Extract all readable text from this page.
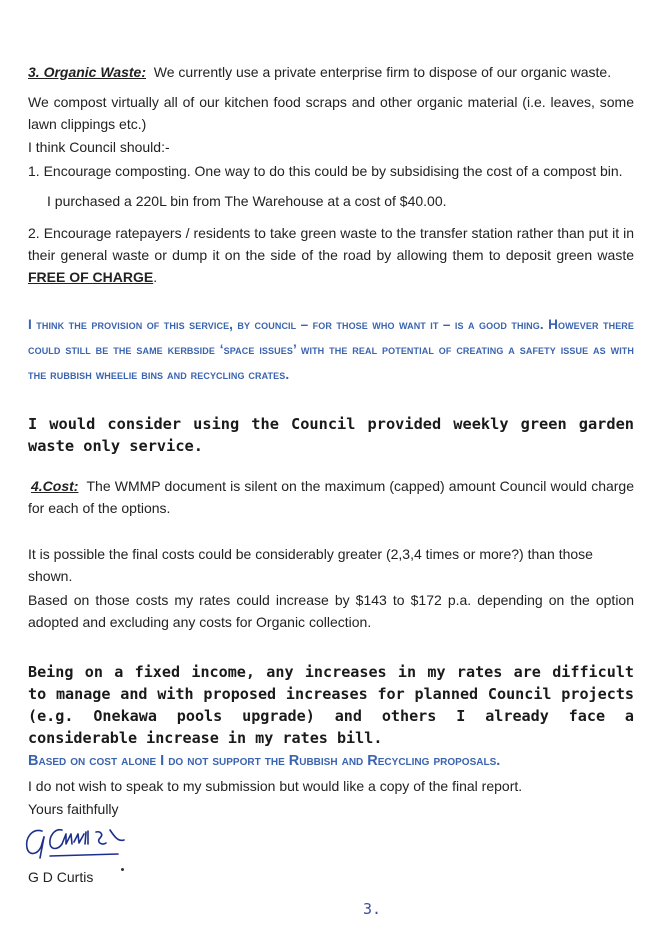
3. Organic Waste: We currently use a private enterprise firm to dispose of our organic waste.
We compost virtually all of our kitchen food scraps and other organic material (i.e. leaves, some lawn clippings etc.)
I think Council should:-
1. Encourage composting. One way to do this could be by subsidising the cost of a compost bin.
I purchased a 220L bin from The Warehouse at a cost of $40.00.
2. Encourage ratepayers / residents to take green waste to the transfer station rather than put it in their general waste or dump it on the side of the road by allowing them to deposit green waste FREE OF CHARGE.
I think the provision of this service, by council – for those who want it – is a good thing. However there could still be the same kerbside ‘space issues’ with the real potential of creating a safety issue as with the rubbish wheelie bins and recycling crates.
I would consider using the Council provided weekly green garden waste only service.
4.Cost: The WMMP document is silent on the maximum (capped) amount Council would charge for each of the options.
It is possible the final costs could be considerably greater (2,3,4 times or more?) than those shown.
Based on those costs my rates could increase by $143 to $172 p.a. depending on the option adopted and excluding any costs for Organic collection.
Being on a fixed income, any increases in my rates are difficult to manage and with proposed increases for planned Council projects (e.g. Onekawa pools upgrade) and others I already face a considerable increase in my rates bill.
Based on cost alone I do not support the Rubbish and Recycling proposals.
I do not wish to speak to my submission but would like a copy of the final report.
Yours faithfully
G D Curtis
3.
